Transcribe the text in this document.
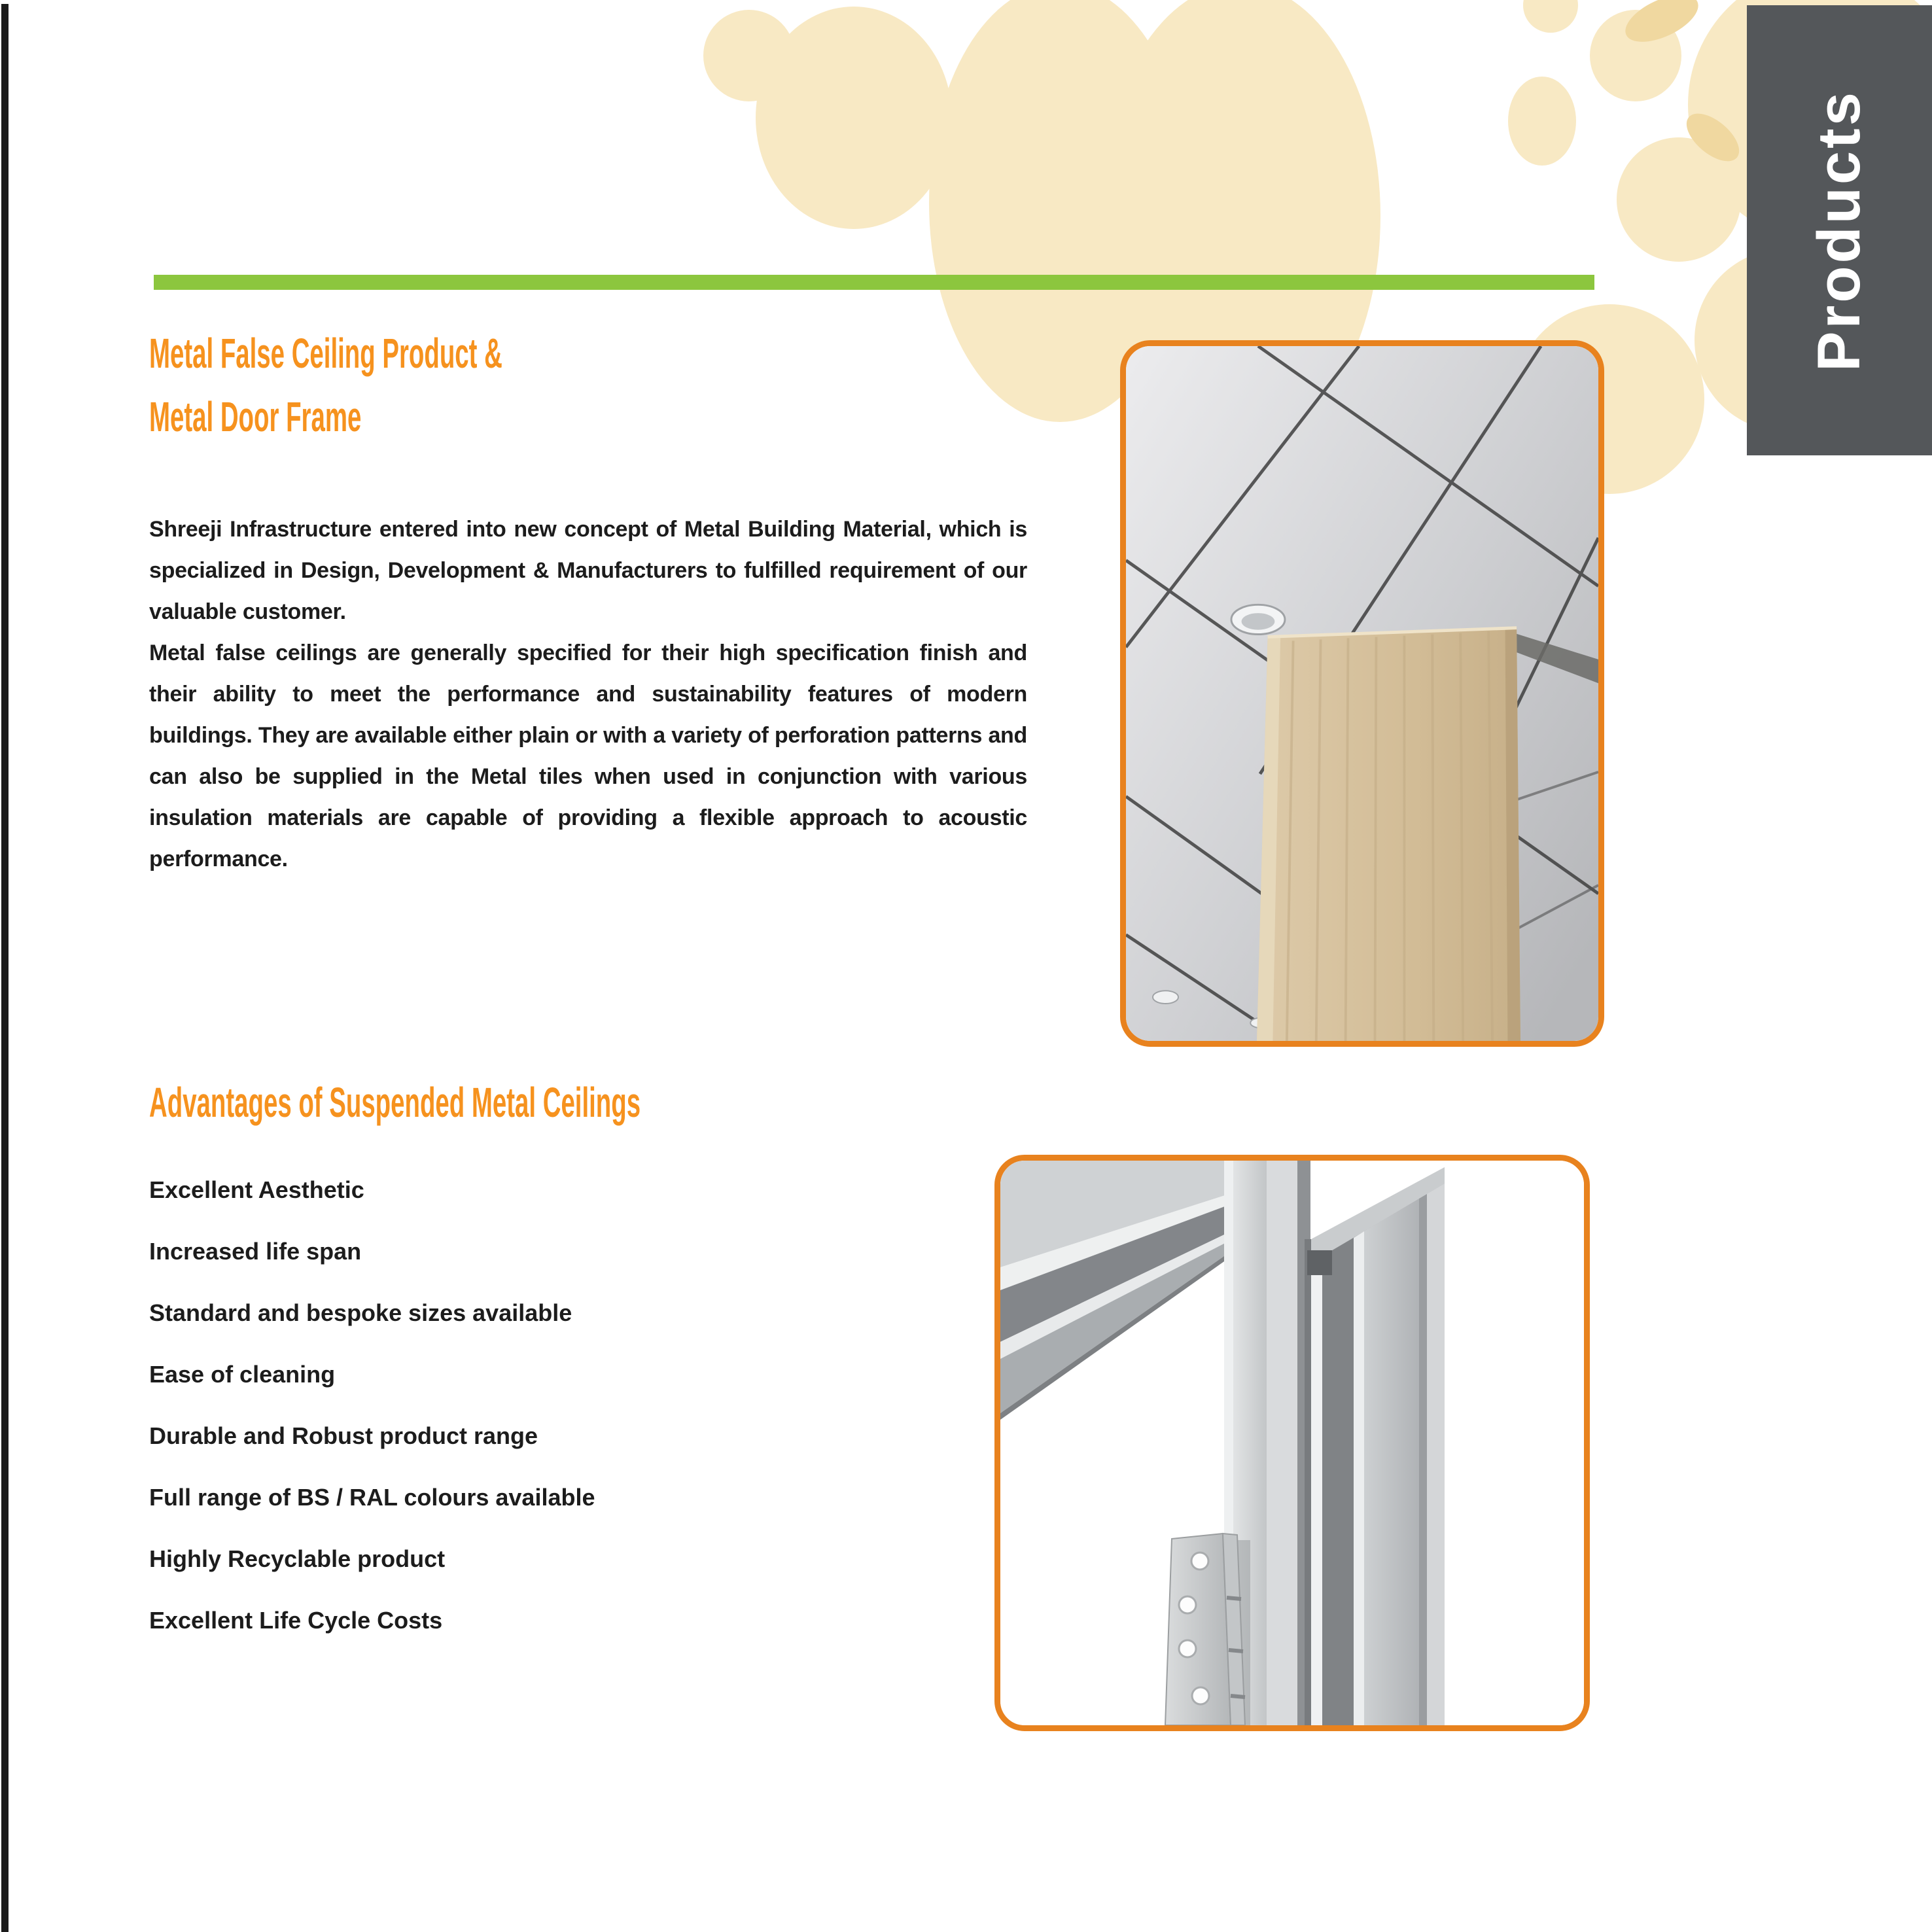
Products
Metal False Ceiling Product &
Metal Door Frame

Shreeji Infrastructure entered into new concept of Metal Building Material, which is specialized in Design, Development & Manufacturers to fulfilled requirement of our valuable customer.

Metal false ceilings are generally specified for their high specification finish and their ability to meet the performance and sustainability features of modern buildings. They are available either plain or with a variety of perforation patterns and can also be supplied in the Metal tiles when used in conjunction with various insulation materials are capable of providing a flexible approach to acoustic performance.

Advantages of Suspended Metal Ceilings
Excellent Aesthetic
Increased life span
Standard and bespoke sizes available
Ease of cleaning
Durable and Robust product range
Full range of BS / RAL colours available
Highly Recyclable product
Excellent Life Cycle Costs
